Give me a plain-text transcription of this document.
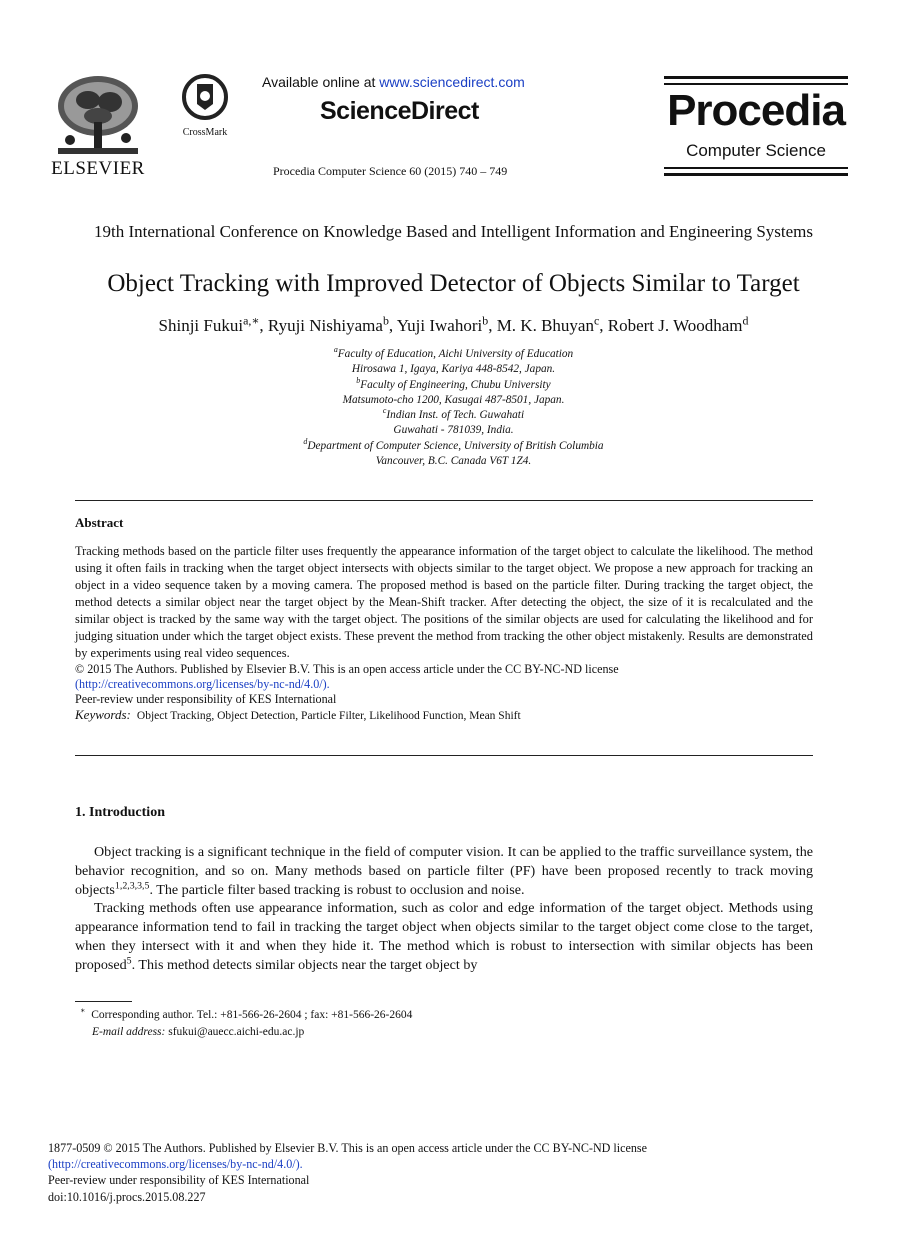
ELSEVIER
CrossMark
Available online at www.sciencedirect.com
ScienceDirect
Procedia Computer Science 60 (2015) 740 – 749
Procedia
Computer Science
19th International Conference on Knowledge Based and Intelligent Information and Engineering Systems
Object Tracking with Improved Detector of Objects Similar to Target
Shinji Fukui$^{a,∗}$, Ryuji Nishiyama$^b$, Yuji Iwahori$^b$, M. K. Bhuyan$^c$, Robert J. Woodham$^d$
$^a$Faculty of Education, Aichi University of Education
Hirosawa 1, Igaya, Kariya 448-8542, Japan.
$^b$Faculty of Engineering, Chubu University
Matsumoto-cho 1200, Kasugai 487-8501, Japan.
$^c$Indian Inst. of Tech. Guwahati
Guwahati - 781039, India.
$^d$Department of Computer Science, University of British Columbia
Vancouver, B.C. Canada V6T 1Z4.
Abstract

Tracking methods based on the particle filter uses frequently the appearance information of the target object to calculate the likelihood. The method using it often fails in tracking when the target object intersects with objects similar to the target object. We propose a new approach for tracking an object in a video sequence taken by a moving camera. The proposed method is based on the particle filter. During tracking the target object, the method detects a similar object near the target object by the Mean-Shift tracker. After detecting the object, the size of it is recalculated and the similar object is tracked by the same way with the target object. The positions of the similar objects are used for calculating the likelihood and for judging situation under which the target object exists. These prevent the method from tracking the other object mistakenly. Results are demonstrated by experiments using real video sequences.

© 2015 The Authors. Published by Elsevier B.V. This is an open access article under the CC BY-NC-ND license
(http://creativecommons.org/licenses/by-nc-nd/4.0/).
Peer-review under responsibility of KES International
Keywords: Object Tracking, Object Detection, Particle Filter, Likelihood Function, Mean Shift
1. Introduction

Object tracking is a significant technique in the field of computer vision. It can be applied to the traffic surveillance system, the behavior recognition, and so on. Many methods based on particle filter (PF) have been proposed recently to track moving objects$^{1,2,3,3,5}$. The particle filter based tracking is robust to occlusion and noise.

Tracking methods often use appearance information, such as color and edge information of the target object. Methods using appearance information tend to fail in tracking the target object when objects similar to the target object come close to the target, when they intersect with it and when they hide it. The method which is robust to intersection with similar objects has been proposed$^5$. This method detects similar objects near the target object by

∗ Corresponding author. Tel.: +81-566-26-2604 ; fax: +81-566-26-2604
E-mail address: sfukui@auecc.aichi-edu.ac.jp
1877-0509 © 2015 The Authors. Published by Elsevier B.V. This is an open access article under the CC BY-NC-ND license
(http://creativecommons.org/licenses/by-nc-nd/4.0/).
Peer-review under responsibility of KES International
doi:10.1016/j.procs.2015.08.227
